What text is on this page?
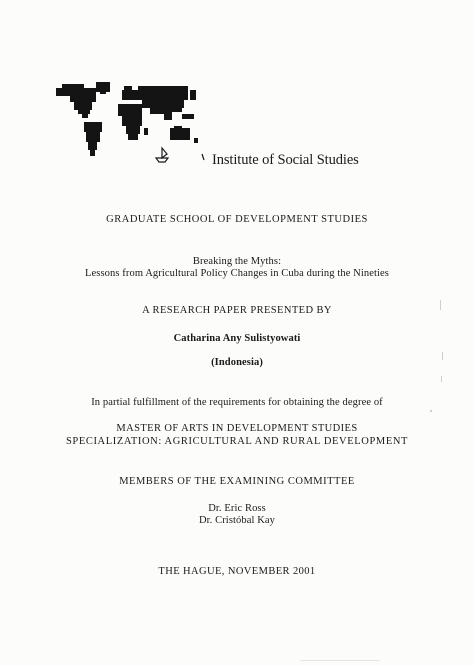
Institute of Social Studies
GRADUATE SCHOOL OF DEVELOPMENT STUDIES
Breaking the Myths:
Lessons from Agricultural Policy Changes in Cuba during the Nineties
A RESEARCH PAPER PRESENTED BY
Catharina Any Sulistyowati
(Indonesia)
In partial fulfillment of the requirements for obtaining the degree of
MASTER OF ARTS IN DEVELOPMENT STUDIES
SPECIALIZATION: AGRICULTURAL AND RURAL DEVELOPMENT
MEMBERS OF THE EXAMINING COMMITTEE
Dr. Eric Ross
Dr. Cristóbal Kay
THE HAGUE, NOVEMBER 2001
